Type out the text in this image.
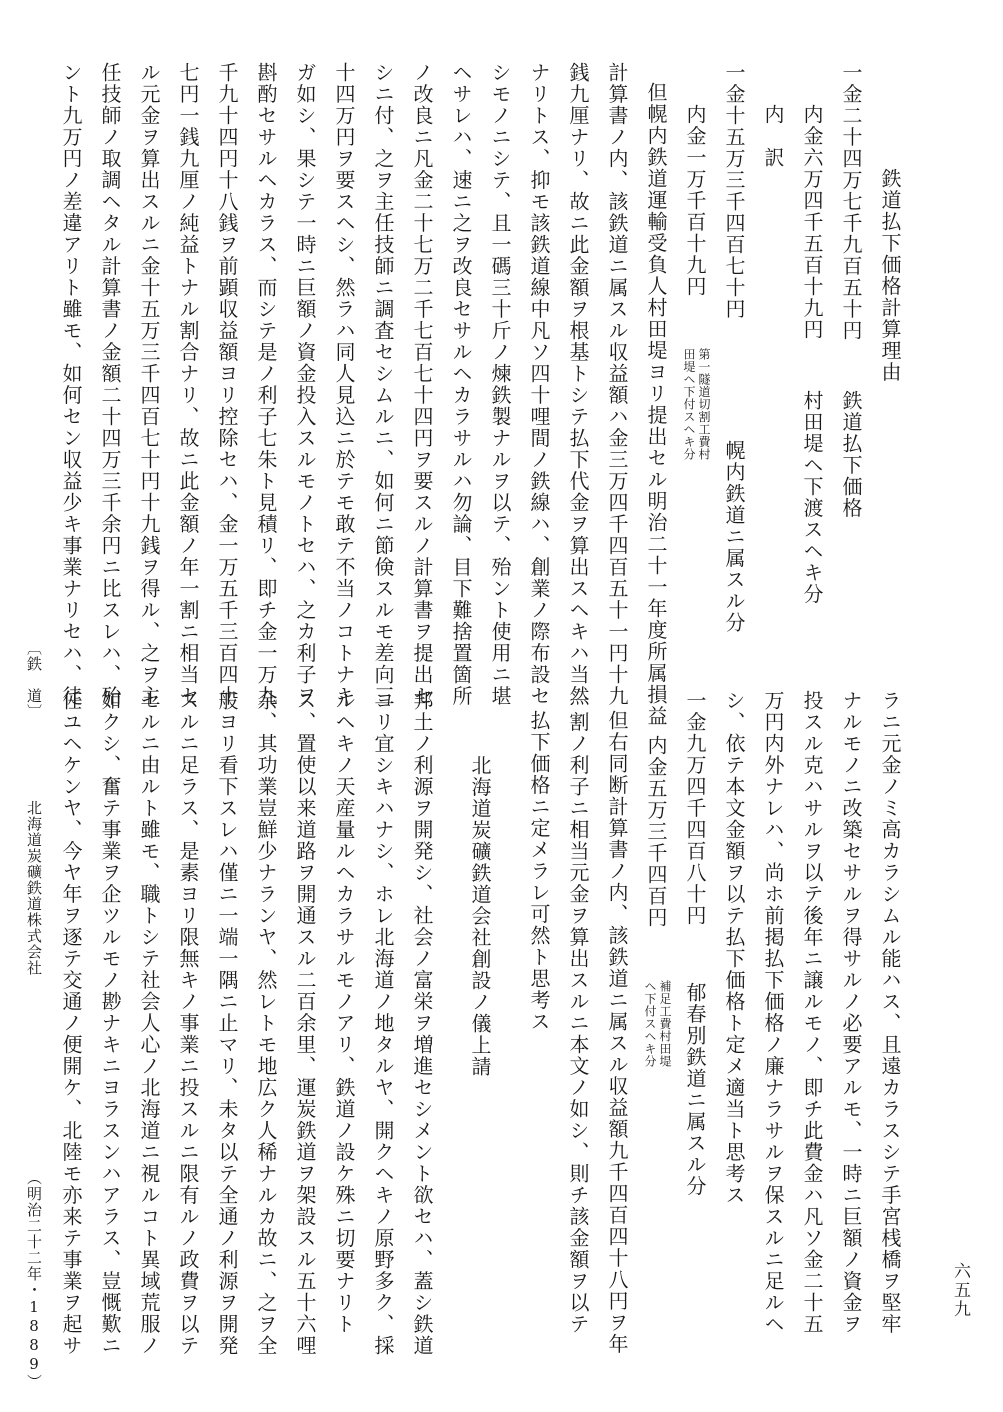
鉄道払下価格計算理由
一金二十四万七千九百五十円
鉄道払下価格
内金六万四千五百十九円
村田堤ヘ下渡スヘキ分
内　訳
一金十五万三千四百七十円
幌内鉄道ニ属スル分
内金一万千百十九円
第一隧道切割工費村
田堤ヘ下付スヘキ分
但幌内鉄道運輸受負人村田堤ヨリ提出セル明治二十一年度所属損益
計算書ノ内、該鉄道ニ属スル収益額ハ金三万四千四百五十一円十九
銭九厘ナリ、故ニ此金額ヲ根基トシテ払下代金ヲ算出スヘキハ当然
ナリトス、抑モ該鉄道線中凡ソ四十哩間ノ鉄線ハ、創業ノ際布設セ
シモノニシテ、且一碼三十斤ノ煉鉄製ナルヲ以テ、殆ント使用ニ堪
ヘサレハ、速ニ之ヲ改良セサルヘカラサルハ勿論、目下難捨置箇所
ノ改良ニ凡金二十七万二千七百七十四円ヲ要スルノ計算書ヲ提出セ
シニ付、之ヲ主任技師ニ調査セシムルニ、如何ニ節倹スルモ差向三
十四万円ヲ要スヘシ、然ラハ同人見込ニ於テモ敢テ不当ノコトナキ
ガ如シ、果シテ一時ニ巨額ノ資金投入スルモノトセハ、之カ利子ヲ
斟酌セサルヘカラス、而シテ是ノ利子七朱ト見積リ、即チ金一万九
千九十四円十八銭ヲ前顕収益額ヨリ控除セハ、金一万五千三百四十
七円一銭九厘ノ純益トナル割合ナリ、故ニ此金額ノ年一割ニ相当セ
ル元金ヲ算出スルニ金十五万三千四百七十円十九銭ヲ得ル、之ヲ主
任技師ノ取調ヘタル計算書ノ金額二十四万三千余円ニ比スレハ、殆
ント九万円ノ差違アリト雖モ、如何セン収益少キ事業ナリセハ、徒
ラニ元金ノミ高カラシムル能ハス、且遠カラスシテ手宮桟橋ヲ堅牢
ナルモノニ改築セサルヲ得サルノ必要アルモ、一時ニ巨額ノ資金ヲ
投スル克ハサルヲ以テ後年ニ譲ルモノ、即チ此費金ハ凡ソ金二十五
万円内外ナレハ、尚ホ前掲払下価格ノ廉ナラサルヲ保スルニ足ルヘ
シ、依テ本文金額ヲ以テ払下価格ト定メ適当ト思考ス
一金九万四千四百八十円
郁春別鉄道ニ属スル分
内金五万三千四百円
補足工費村田堤
ヘ下付スヘキ分
但右同断計算書ノ内、該鉄道ニ属スル収益額九千四百四十八円ヲ年
一割ノ利子ニ相当元金ヲ算出スルニ本文ノ如シ、則チ該金額ヲ以テ
払下価格ニ定メラレ可然ト思考ス
北海道炭礦鉄道会社創設ノ儀上請
邦土ノ利源ヲ開発シ、社会ノ富栄ヲ増進セシメント欲セハ、蓋シ鉄道
ヨリ宜シキハナシ、ホレ北海道ノ地タルヤ、開クヘキノ原野多ク、採
ルヘキノ天産量ルヘカラサルモノアリ、鉄道ノ設ケ殊ニ切要ナリト
ス、置使以来道路ヲ開通スル二百余里、運炭鉄道ヲ架設スル五十六哩
余、其功業豈鮮少ナランヤ、然レトモ地広ク人稀ナルカ故ニ、之ヲ全
般ヨリ看下スレハ僅ニ一端一隅ニ止マリ、未タ以テ全通ノ利源ヲ開発
スルニ足ラス、是素ヨリ限無キノ事業ニ投スルニ限有ルノ政費ヲ以テ
セルニ由ルト雖モ、職トシテ社会人心ノ北海道ニ視ルコト異域荒服ノ
如クシ、奮テ事業ヲ企ツルモノ尠ナキニヨラスンハアラス、豈慨歎ニ
任ユヘケンヤ、今ヤ年ヲ逐テ交通ノ便開ケ、北陸モ亦来テ事業ヲ起サ	六五九
〔鉄　道〕
北海道炭礦鉄道株式会社
（明治二十二年・1889）
